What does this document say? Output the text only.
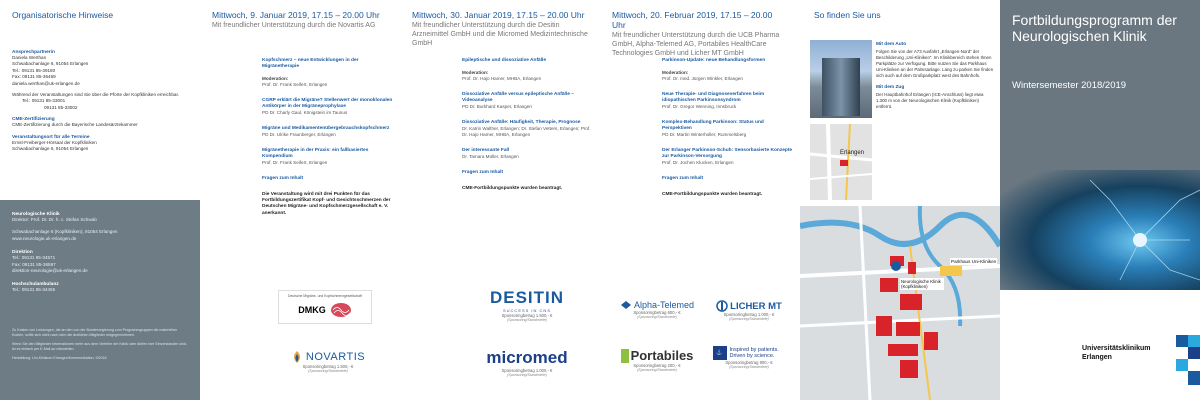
Organisatorische Hinweise
Ansprechpartnerin
Daniela Werthan
Schwabachanlage 6, 91054 Erlangen
Tel.: 09131 85-39180
Fax: 09131 85-36469
daniela.werthan@uk-erlangen.de
Während der Veranstaltungen sind Sie über die Pforte der Kopfkliniken erreichbar.
Tel.: 09131 85-33001
09131 85-33002
CME-Zertifizierung
CME-Zertifizierung durch die Bayerische Landesärztekammer
Veranstaltungsort für alle Termine
Ernst-Freiberger-Hörsaal der Kopfkliniken
Schwabachanlage 6, 91054 Erlangen
Neurologische Klinik
Direktor: Prof. Dr. Dr. h. c. Stefan Schwab
Schwabachanlage 6 (Kopfkliniken), 91054 Erlangen
www.neurologie.uk-erlangen.de
Direktion
Tel.: 09131 85-34571
Fax: 09131 85-36597
direktion-neurologie@uk-erlangen.de
Hochschulambulanz
Tel.: 09131 85-34455
Zu Kosten von Leistungen, die an den von der Bundesregierung zum Programmgruppen die materiellen Kosten, sollte sich nicht nach dem die ärztlichen Mitglieder entgegennehmen.
Wenn Sie den Mitglieder Informationen mehr aus dem Verteiler der Klinik oder dürfen hier Einverstanden sind, ist es einfach per E-Mail an mitzuteilen.
Herstellung: Uni-Klinikum Erlangen/Kommunikation, 9/2018
Mittwoch, 9. Januar 2019, 17.15 – 20.00 Uhr
Mit freundlicher Unterstützung durch die Novartis AG
Kopfschmerz – neue Entwicklungen in der Migränetherapie
Moderation:
Prof. Dr. Frank Seifert, Erlangen
CGRP erklärt die Migräne? Stellenwert der monoklonalen Antikörper in der Migräneprophylaxe
PD Dr. Charly Gaul, Königstein im Taunus
Migräne und Medikamentenübergebrauchskopfschmerz
PD Dr. Ulrike Fraunberger, Erlangen
Migränetherapie in der Praxis: ein fallbasiertes Kompendium
Prof. Dr. Frank Seifert, Erlangen
Fragen zum Inhalt
Die Veranstaltung wird mit drei Punkten für das Fortbildungszertifikat Kopf- und Gesichtsschmerzen der Deutschen Migräne- und Kopfschmerzgesellschaft e. V. anerkannt.
Deutsche Migräne- und Kopfschmerzgesellschaft
DMKG
NOVARTIS
Sponsoringbetrag 1.500,- €
(Sponsoring/Standmiete)
Mittwoch, 30. Januar 2019, 17.15 – 20.00 Uhr
Mit freundlicher Unterstützung durch die Desitin Arzneimittel GmbH und die Micromed Medizintechnische GmbH
Epileptische und dissoziative Anfälle
Moderation:
Prof. Dr. Hajo Hamer, MHBA, Erlangen
Dissoziative Anfälle versus epileptische Anfälle – Videoanalyse
PD Dr. Burkhard Kasper, Erlangen
Dissoziative Anfälle: Häufigkeit, Therapie, Prognose
Dr. Katrin Walther, Erlangen; Dr. Stefan Vetters, Erlangen; Prof. Dr. Hajo Hamer, MHBA, Erlangen
Der interessante Fall
Dr. Tamara Müller, Erlangen
Fragen zum Inhalt
CME-Fortbildungspunkte wurden beantragt.
DESITIN
SUCCESS IN CNS
Sponsoringbetrag 1.500,- €
(Sponsoring/Standmiete)
micromed
Sponsoringbetrag 1.000,- €
(Sponsoring/Standmiete)
Mittwoch, 20. Februar 2019, 17.15 – 20.00 Uhr
Mit freundlicher Unterstützung durch die UCB Pharma GmbH, Alpha-Telemed AG, Portabiles HealthCare Technologies GmbH und Licher MT GmbH
Parkinson-Update: neue Behandlungsformen
Moderation:
Prof. Dr. med. Jürgen Winkler, Erlangen
Neue Therapie- und Diagnoseverfahren beim idiopathischen Parkinsonsyndrom
Prof. Dr. Gregor Wenning, Innsbruck
Komplex-Behandlung Parkinson: Status und Perspektiven
PD Dr. Martin Winterholler, Rummelsberg
Der Erlanger Parkinson-Schuh: Sensorbasierte Konzepte zur Parkinson-Versorgung
Prof. Dr. Jochen Klucken, Erlangen
Fragen zum Inhalt
CME-Fortbildungspunkte wurden beantragt.
Alpha-Telemed
Sponsoringbetrag 600,- €
(Sponsoring/Standmiete)
LICHER MT
Sponsoringbetrag 1.000,- €
(Sponsoring/Standmiete)
Portabiles
Sponsoringbetrag 200,- €
(Sponsoring/Standmiete)
⚓
Inspired by patients. Driven by science.
Sponsoringbetrag 900,- €
(Sponsoring/Standmiete)
So finden Sie uns
Mit dem Auto
Folgen Sie von der A73 Ausfahrt „Erlangen-Nord“ der Beschilderung „Uni-Kliniken“. Im Klinikbereich stehen Ihnen Parkplätze zur Verfügung. Bitte nutzen Sie das Parkhaus Uni-Kliniken an der Palmsanlage. Lang zu parken Sie finden sich auch auf dem Großparkplatz west des Bahnhofs.
Mit dem Zug
Der Hauptbahnhof Erlangen (ICE-Anschluss) liegt etwa 1.300 m von der Neurologischen Klinik (Kopfkliniken) entfernt.
Erlangen
Parkhaus Uni-Kliniken
Neurologische Klinik (Kopfkliniken)
Fortbildungsprogramm der Neurologischen Klinik
Wintersemester 2018/2019
Universitätsklinikum
Erlangen
